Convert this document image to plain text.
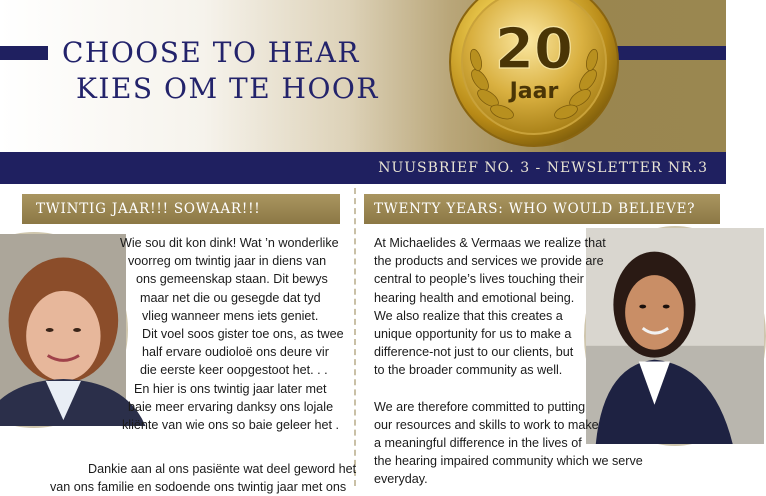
CHOOSE TO HEAR
KIES OM TE HOOR
20
Jaar
NUUSBRIEF NO. 3 - NEWSLETTER NR.3
TWINTIG JAAR!!! SOWAAR!!!
Wie sou dit kon dink! Wat ’n wonderlike
voorreg om twintig jaar in diens van
ons gemeenskap staan. Dit bewys
maar net die ou gesegde dat tyd
vlieg wanneer mens iets geniet.
Dit voel soos gister toe ons, as twee
half ervare oudioloë ons deure vir
die eerste keer oopgestoot het. . .
En hier is ons twintig jaar later met
baie meer ervaring danksy ons lojale
kliënte van wie ons so baie geleer het .
Dankie aan al ons pasiënte wat deel geword het
van ons familie en sodoende ons twintig jaar met ons
TWENTY YEARS: WHO WOULD BELIEVE?
At Michaelides & Vermaas we realize that
the products and services we provide are
central to people’s lives touching their
hearing health and emotional being.
We also realize that this creates a
unique opportunity for us to make a
difference-not just to our clients, but
to the broader community as well.
We are therefore committed to putting
our resources and skills to work to make
a meaningful difference in the lives of
the hearing impaired community which we serve
everyday.
